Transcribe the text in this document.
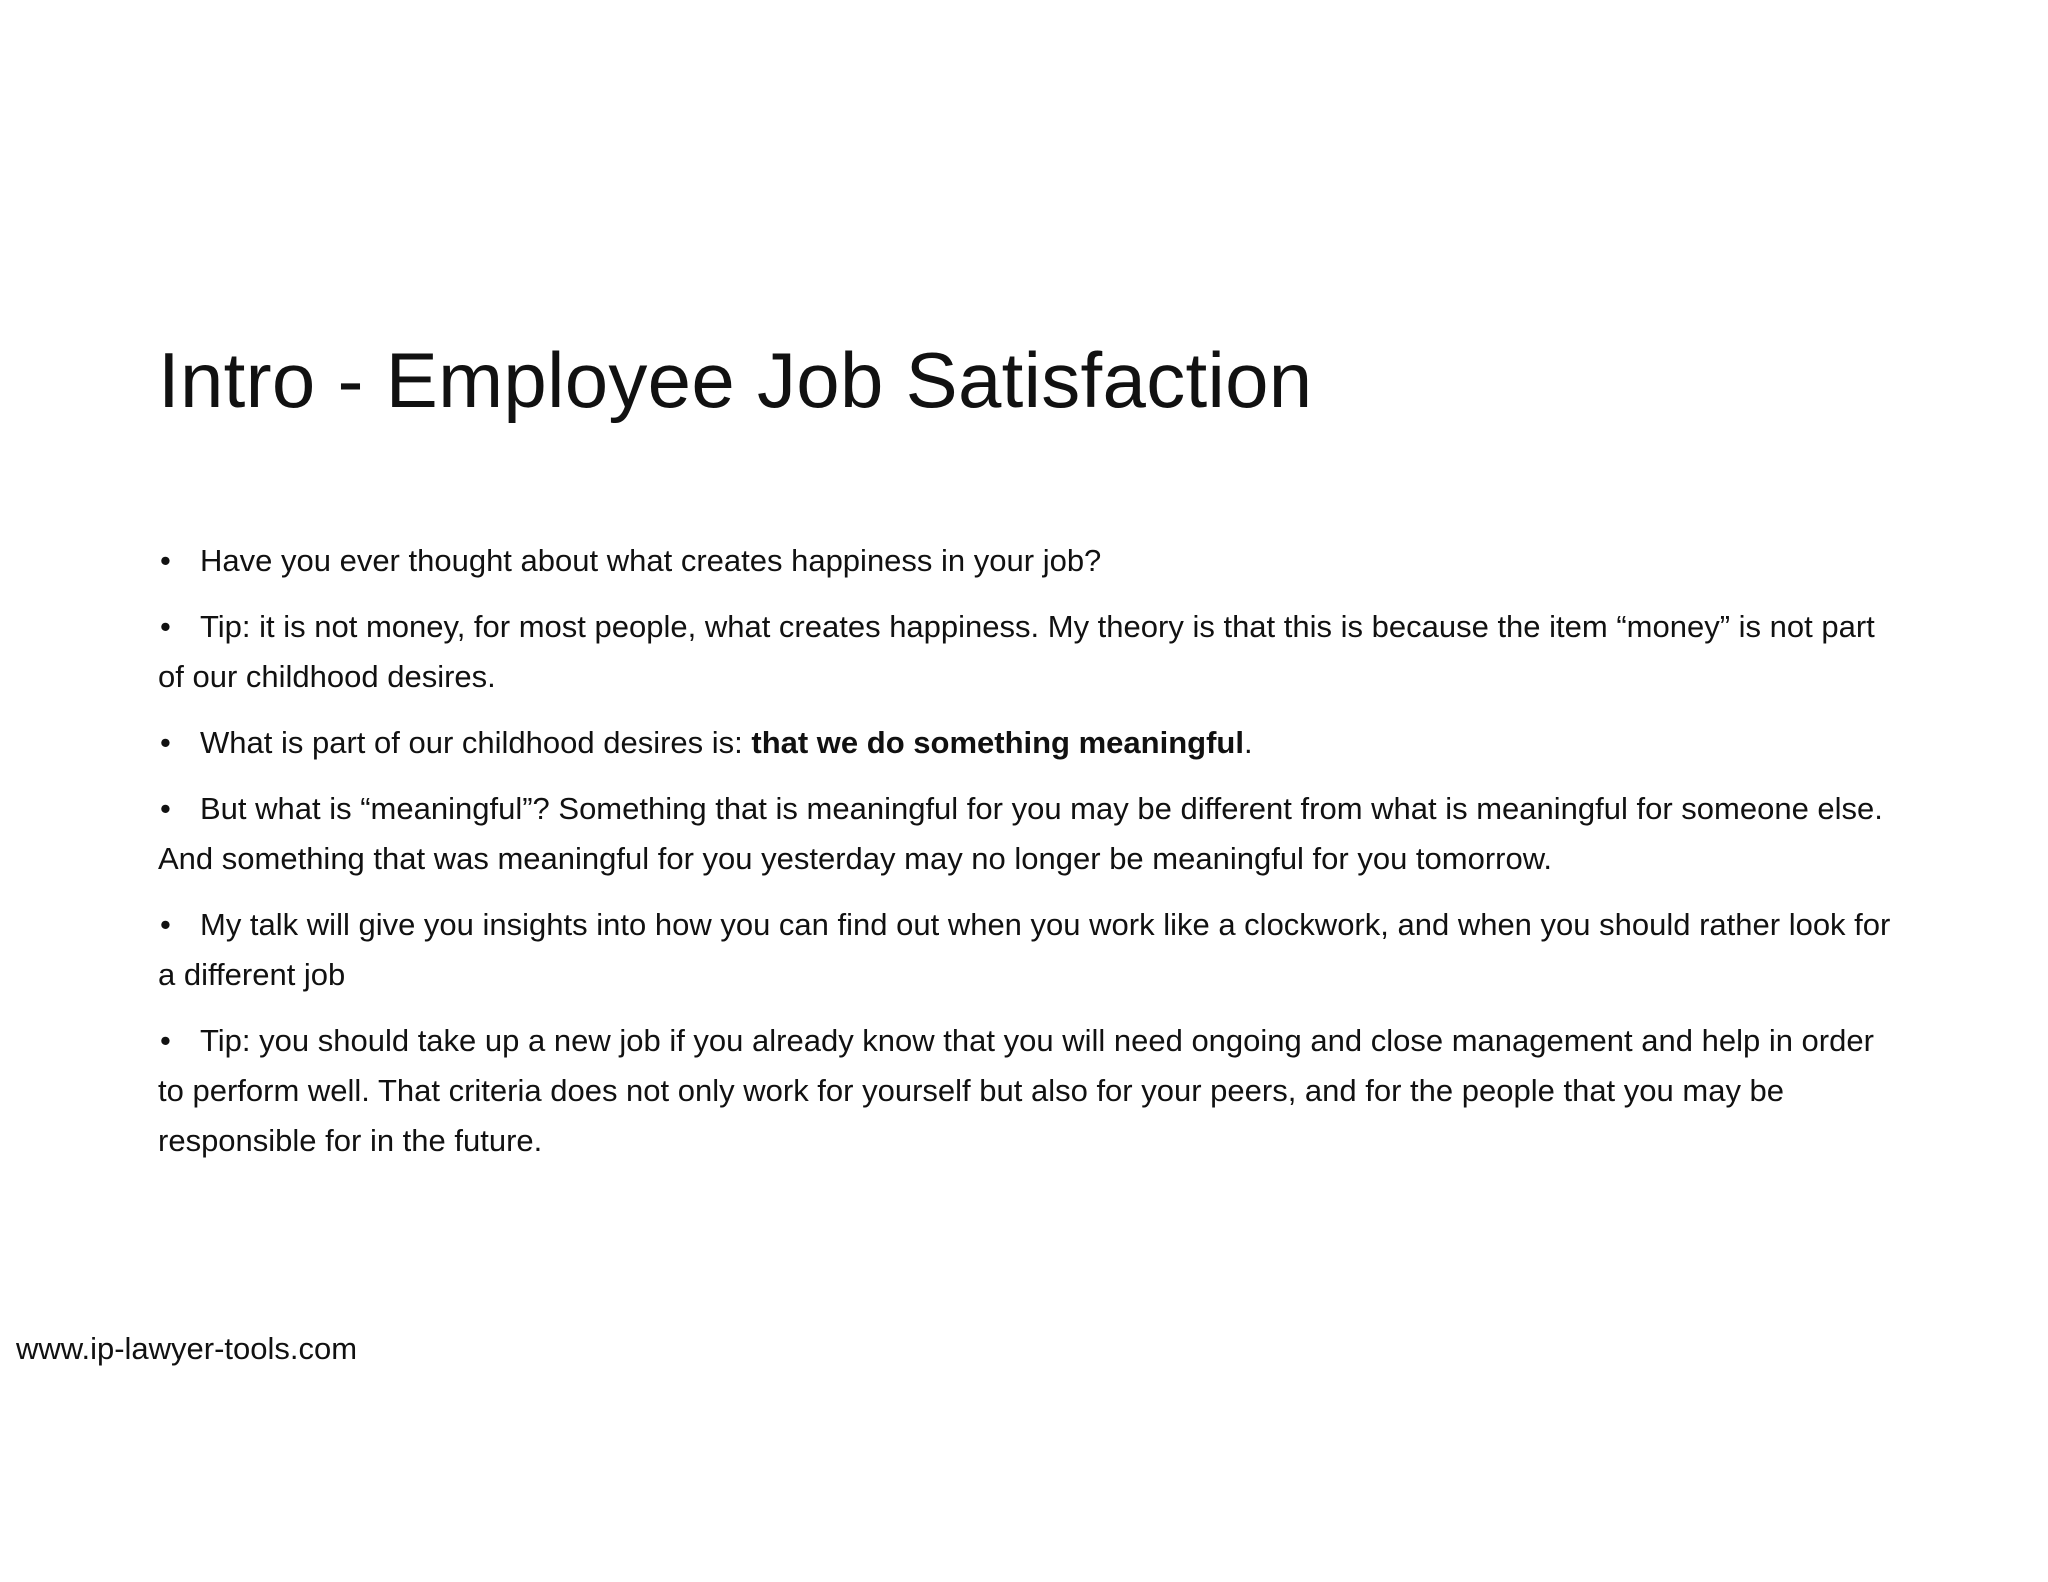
Intro - Employee Job Satisfaction
• Have you ever thought about what creates happiness in your job?
• Tip: it is not money, for most people, what creates happiness. My theory is that this is because the item “money” is not part of our childhood desires.
• What is part of our childhood desires is: that we do something meaningful.
• But what is “meaningful”? Something that is meaningful for you may be different from what is meaningful for someone else. And something that was meaningful for you yesterday may no longer be meaningful for you tomorrow.
• My talk will give you insights into how you can find out when you work like a clockwork, and when you should rather look for a different job
• Tip: you should take up a new job if you already know that you will need ongoing and close management and help in order to perform well. That criteria does not only work for yourself but also for your peers, and for the people that you may be responsible for in the future.
www.ip-lawyer-tools.com
